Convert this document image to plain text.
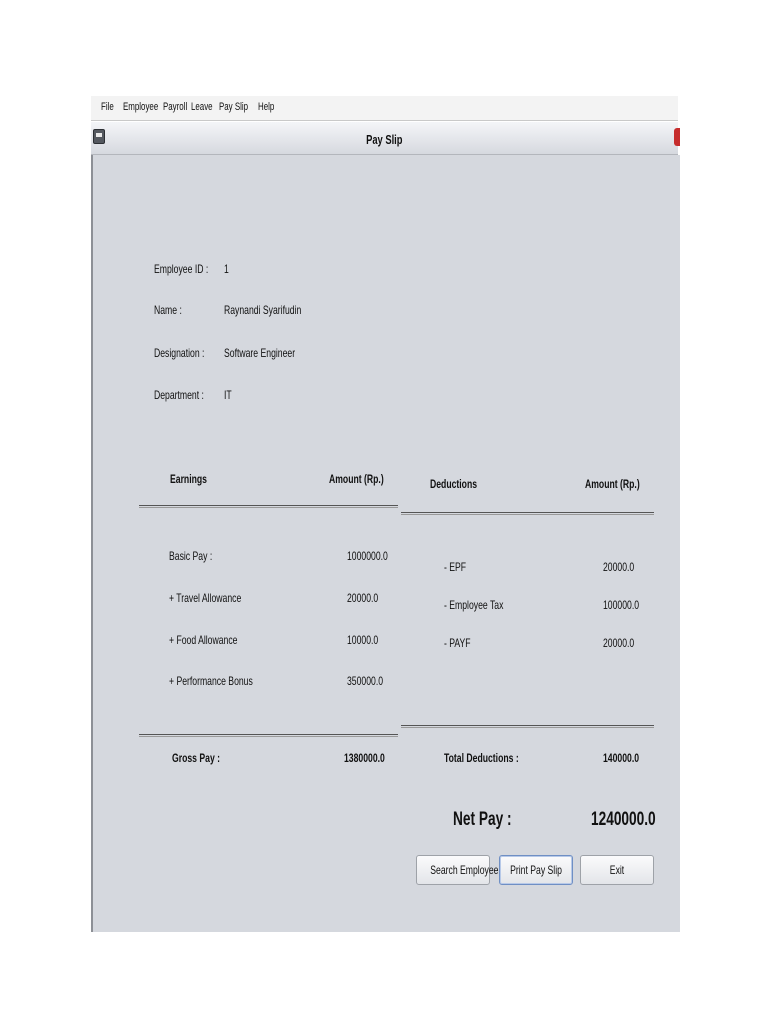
File Employee Payroll Leave Pay Slip Help
Pay Slip
Employee ID : 1
Name :	Raynandi Syarifudin
Designation : Software Engineer
Department : IT
Earnings	Amount (Rp.)
Basic Pay :	1000000.0
+ Travel Allowance	20000.0
+ Food Allowance	10000.0
+ Performance Bonus	350000.0
Gross Pay :	1380000.0
Deductions	Amount (Rp.)
- EPF	20000.0
- Employee Tax	100000.0
- PAYF	20000.0
Total Deductions :	140000.0
Net Pay :	1240000.0
Search Employee Print Pay Slip	Exit
